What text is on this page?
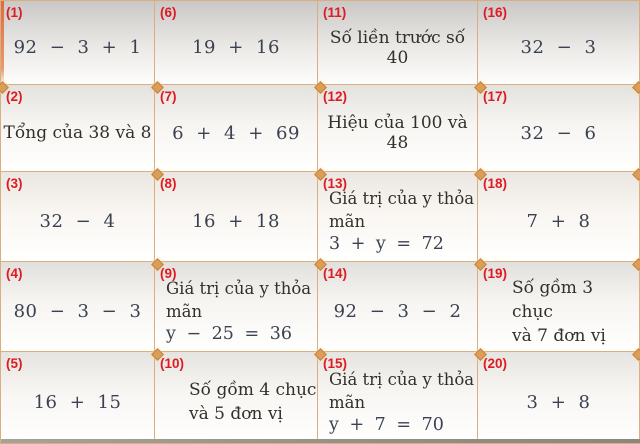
(1)
92 − 3 + 1
(6)
19 + 16
(11)
Số liền trước số 40
(16)
32 − 3
(2)
Tổng của 38 và 8
(7)
6 + 4 + 69
(12)
Hiệu của 100 và 48
(17)
32 − 6
(3)
32 − 4
(8)
16 + 18
(13)
Giá trị của y thỏa mãn
3 + y = 72
(18)
7 + 8
(4)
80 − 3 − 3
(9)
Giá trị của y thỏa mãn
y − 25 = 36
(14)
92 − 3 − 2
(19)
Số gồm 3 chục
và 7 đơn vị
(5)
16 + 15
(10)
Số gồm 4 chục
và 5 đơn vị
(15)
Giá trị của y thỏa mãn
y + 7 = 70
(20)
3 + 8
